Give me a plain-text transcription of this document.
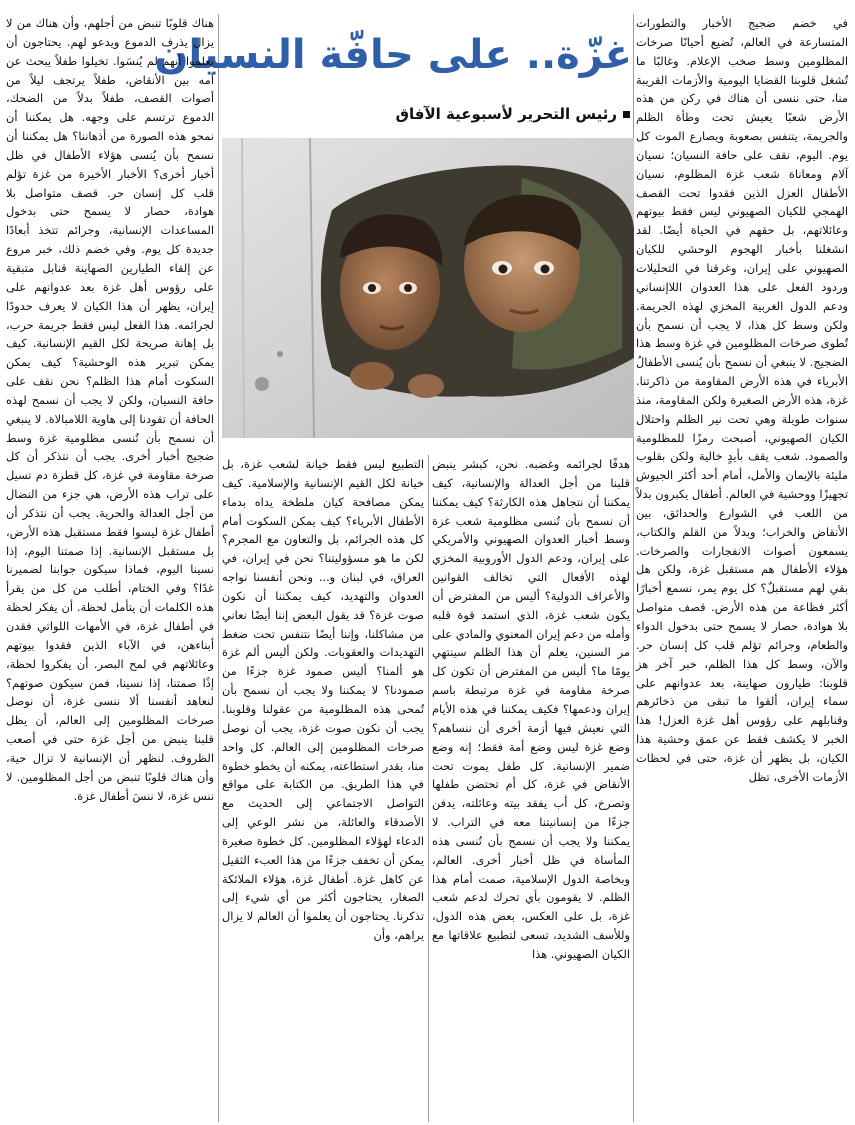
في خضم ضجيج الأخبار والتطورات المتسارعة في العالم، تُضيع أحيانًا صرخات المظلومين وسط صخب الإعلام. وغالبًا ما تُشغل قلوبنا القضايا اليومية والأزمات القريبة منا، حتى ننسى أن هناك في ركن من هذه الأرض شعبًا يعيش تحت وطأة الظلم والجريمة، يتنفس بصعوبة ويصارع الموت كل يوم. اليوم، نقف على حافة النسيان؛ نسيان آلام ومعاناة شعب غزة المظلوم، نسيان الأطفال العزل الذين فقدوا تحت القصف الهمجي للكيان الصهيوني ليس فقط بيوتهم وعائلاتهم، بل حقهم في الحياة أيضًا. لقد انشغلنا بأخبار الهجوم الوحشي للكيان الصهيوني على إيران، وغرقنا في التحليلات وردود الفعل على هذا العدوان اللاإنساني ودعم الدول الغربية المخزي لهذه الجريمة. ولكن وسط كل هذا، لا يجب أن نسمح بأن تُطوى صرخات المظلومين في غزة وسط هذا الضجيج. لا ينبغي أن نسمح بأن يُنسى الأطفالُ الأبرياء في هذه الأرض المقاومة من ذاكرتنا. غزة، هذه الأرض الصغيرة ولكن المقاومة، منذ سنوات طويلة وهي تحت نير الظلم واحتلال الكيان الصهيوني، أصبحت رمزًا للمظلومية والصمود. شعب يقف بأيدٍ خالية ولكن بقلوب مليئة بالإيمان والأمل، أمام أحد أكثر الجيوش تجهيزًا ووحشية في العالم. أطفال يكبرون بدلاً من اللعب في الشوارع والحدائق، بين الأنقاض والخراب؛ وبدلاً من القلم والكتاب، يسمعون أصوات الانفجارات والصرخات. هؤلاء الأطفال هم مستقبل غزة، ولكن هل بقي لهم مستقبلٌ؟ كل يوم يمر، نسمع أخبارًا أكثر فظاعة من هذه الأرض. قصف متواصل بلا هوادة، حصار لا يسمح حتى بدخول الدواء والطعام، وجرائم تؤلم قلب كل إنسان حر. والآن، وسط كل هذا الظلم، خبر آخر هز قلوبنا: طيارون صهاينة، بعد عدوانهم على سماء إيران، ألقوا ما تبقى من ذخائرهم وقنابلهم على رؤوس أهل غزة العزل! هذا الخبر لا يكشف فقط عن عمق وحشية هذا الكيان، بل يظهر أن غزة، حتى في لحظات الأزمات الأخرى، تظل

غزّة.. على حافّة النسيان
رئيس التحرير لأسبوعية الآفاق

هدفًا لجرائمه وغضبه. نحن، كبشر ينبض قلبنا من أجل العدالة والإنسانية، كيف يمكننا أن نتجاهل هذه الكارثة؟ كيف يمكننا أن نسمح بأن تُنسى مظلومية شعب غزة وسط أخبار العدوان الصهيوني والأمريكي على إيران، ودعم الدول الأوروبية المخزي لهذه الأفعال التي تخالف القوانين والأعراف الدولية؟ أليس من المفترض أن يكون شعب غزة، الذي استمد قوة قلبه وأمله من دعم إيران المعنوي والمادي على مر السنين، يعلم أن هذا الظلم سينتهي يومًا ما؟ أليس من المفترض أن تكون كل صرخة مقاومة في غزة مرتبطة باسم إيران ودعمها؟ فكيف يمكننا في هذه الأيام التي نعيش فيها أزمة أخرى أن ننساهم؟ وضع غزة ليس وضع أمة فقط؛ إنه وضع ضمير الإنسانية. كل طفل يموت تحت الأنقاض في غزة، كل أم تحتضن طفلها وتصرخ، كل أب يفقد بيته وعائلته، يدفن جزءًا من إنسانيتنا معه في التراب. لا يمكننا ولا يجب أن نسمح بأن تُنسى هذه المأساة في ظل أخبار أخرى. العالم، وبخاصة الدول الإسلامية، صمت أمام هذا الظلم. لا يقومون بأي تحرك لدعم شعب غزة، بل على العكس، بعض هذه الدول، وللأسف الشديد، تسعى لتطبيع علاقاتها مع الكيان الصهيوني. هذا

التطبيع ليس فقط خيانة لشعب غزة، بل خيانة لكل القيم الإنسانية والإسلامية. كيف يمكن مصافحة كيان ملطخة يداه بدماء الأطفال الأبرياء؟ كيف يمكن السكوت أمام كل هذه الجرائم، بل والتعاون مع المجرم؟ لكن ما هو مسؤوليتنا؟ نحن في إيران، في العراق، في لبنان و... ونحن أنفسنا نواجه العدوان والتهديد، كيف يمكننا أن نكون صوت غزة؟ قد يقول البعض إننا أيضًا نعاني من مشاكلنا، وإننا أيضًا نتنفس تحت ضغط التهديدات والعقوبات. ولكن أليس ألم غزة هو ألمنا؟ أليس صمود غزة جزءًا من صمودنا؟ لا يمكننا ولا يجب أن نسمح بأن تُمحى هذه المظلومية من عقولنا وقلوبنا. يجب أن نكون صوت غزة، يجب أن نوصل صرخات المظلومين إلى العالم. كل واحد منا، بقدر استطاعته، يمكنه أن يخطو خطوة في هذا الطريق. من الكتابة على مواقع التواصل الاجتماعي إلى الحديث مع الأصدقاء والعائلة، من نشر الوعي إلى الدعاء لهؤلاء المظلومين. كل خطوة صغيرة يمكن أن تخفف جزءًا من هذا العبء الثقيل عن كاهل غزة. أطفال غزة، هؤلاء الملائكة الصغار، يحتاجون أكثر من أي شيء إلى تذكرنا. يحتاجون أن يعلموا أن العالم لا يزال يراهم، وأن

هناك قلوبًا تنبض من أجلهم، وأن هناك من لا يزال يذرف الدموع ويدعو لهم. يحتاجون أن يعلموا أنهم لم يُنسَوا. تخيلوا طفلاً يبحث عن أمه بين الأنقاض، طفلاً يرتجف ليلاً من أصوات القصف، طفلاً بدلاً من الضحك، الدموع ترتسم على وجهه. هل يمكننا أن نمحو هذه الصورة من أذهاننا؟ هل يمكننا أن نسمح بأن يُنسى هؤلاء الأطفال في ظل أخبار أخرى؟ الأخبار الأخيرة من غزة تؤلم قلب كل إنسان حر. قصف متواصل بلا هوادة، حصار لا يسمح حتى بدخول المساعدات الإنسانية، وجرائم تتخذ أبعادًا جديدة كل يوم. وفي خضم ذلك، خبر مروع عن إلقاء الطيارين الصهاينة قنابل متبقية على رؤوس أهل غزة بعد عدوانهم على إيران، يظهر أن هذا الكيان لا يعرف حدودًا لجرائمه. هذا الفعل ليس فقط جريمة حرب، بل إهانة صريحة لكل القيم الإنسانية. كيف يمكن تبرير هذه الوحشية؟ كيف يمكن السكوت أمام هذا الظلم؟ نحن نقف على حافة النسيان، ولكن لا يجب أن نسمح لهذه الحافة أن تقودنا إلى هاوية اللامبالاة. لا ينبغي أن نسمح بأن تُنسى مظلومية غزة وسط ضجيج أخبار أخرى. يجب أن نتذكر أن كل صرخة مقاومة في غزة، كل قطرة دم تسيل على تراب هذه الأرض، هي جزء من النضال من أجل العدالة والحرية. يجب أن نتذكر أن أطفال غزة ليسوا فقط مستقبل هذه الأرض، بل مستقبل الإنسانية. إذا صمتنا اليوم، إذا نسينا اليوم، فماذا سيكون جوابنا لضميرنا غدًا؟ وفي الختام، أطلب من كل من يقرأ هذه الكلمات أن يتأمل لحظة. أن يفكر لحظة في أطفال غزة، في الأمهات اللواتي فقدن أبناءهن، في الآباء الذين فقدوا بيوتهم وعائلاتهم في لمح البصر. أن يفكروا لحظة، إذًا صمتنا، إذا نسينا، فمن سيكون صوتهم؟ لنعاهد أنفسنا ألا ننسى غزة، أن نوصل صرخات المظلومين إلى العالم، أن يظل قلبنا ينبض من أجل غزة حتى في أصعب الظروف. لنظهر أن الإنسانية لا تزال حية، وأن هناك قلوبًا تنبض من أجل المظلومين. لا ننس غزة، لا ننسَ أطفال غزة.
